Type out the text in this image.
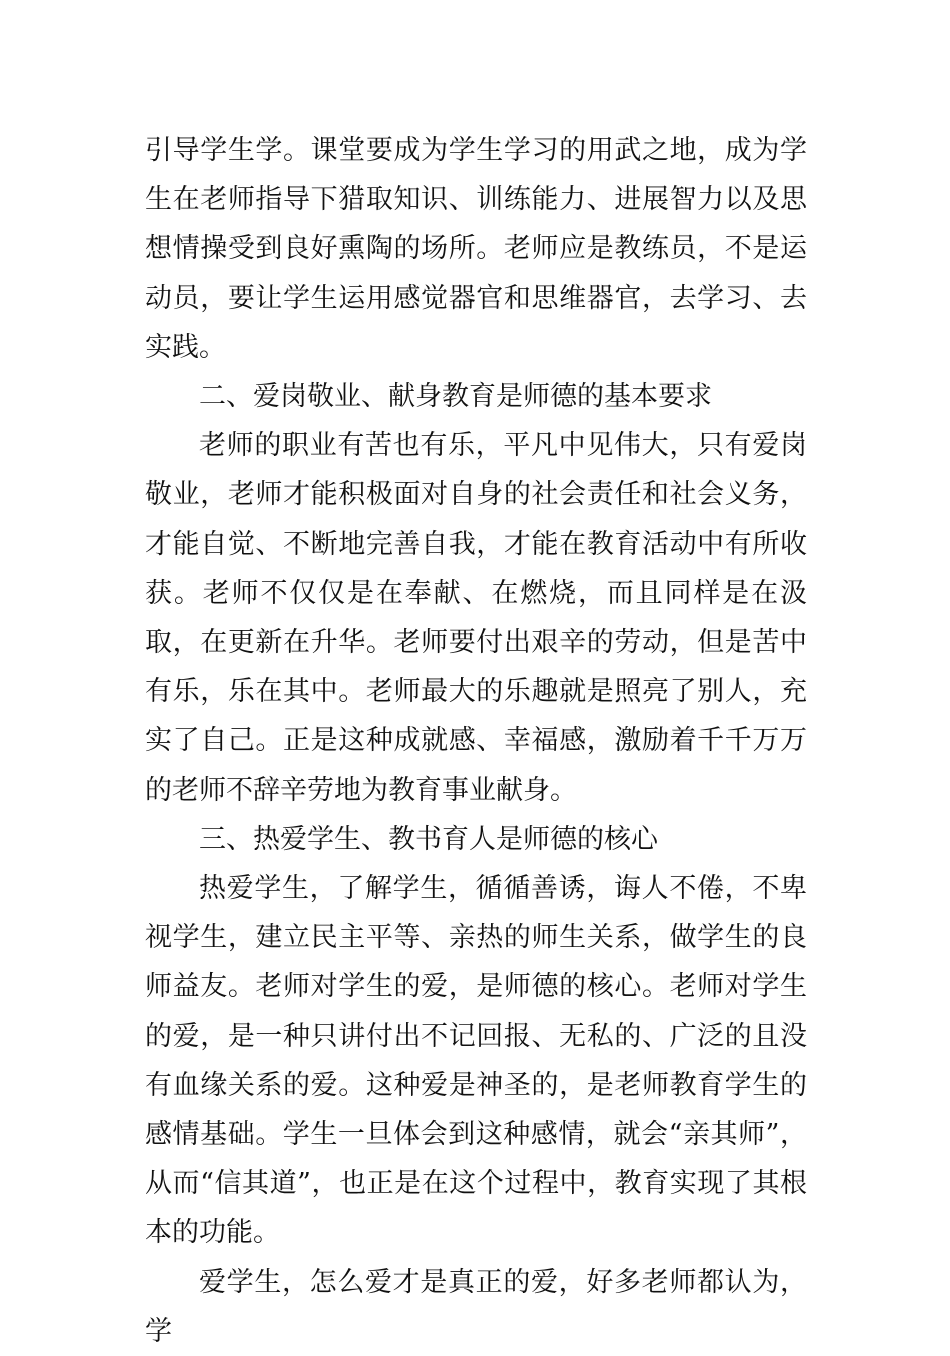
引导学生学。课堂要成为学生学习的用武之地，成为学生在老师指导下猎取知识、训练能力、进展智力以及思想情操受到良好熏陶的场所。老师应是教练员，不是运动员，要让学生运用感觉器官和思维器官，去学习、去实践。

二、爱岗敬业、献身教育是师德的基本要求

老师的职业有苦也有乐，平凡中见伟大，只有爱岗敬业，老师才能积极面对自身的社会责任和社会义务，才能自觉、不断地完善自我，才能在教育活动中有所收获。老师不仅仅是在奉献、在燃烧，而且同样是在汲取，在更新在升华。老师要付出艰辛的劳动，但是苦中有乐，乐在其中。老师最大的乐趣就是照亮了别人，充实了自己。正是这种成就感、幸福感，激励着千千万万的老师不辞辛劳地为教育事业献身。

三、热爱学生、教书育人是师德的核心

热爱学生，了解学生，循循善诱，诲人不倦，不卑视学生，建立民主平等、亲热的师生关系，做学生的良师益友。老师对学生的爱，是师德的核心。老师对学生的爱，是一种只讲付出不记回报、无私的、广泛的且没有血缘关系的爱。这种爱是神圣的，是老师教育学生的感情基础。学生一旦体会到这种感情，就会“亲其师”，从而“信其道”，也正是在这个过程中，教育实现了其根本的功能。

爱学生，怎么爱才是真正的爱，好多老师都认为，学
